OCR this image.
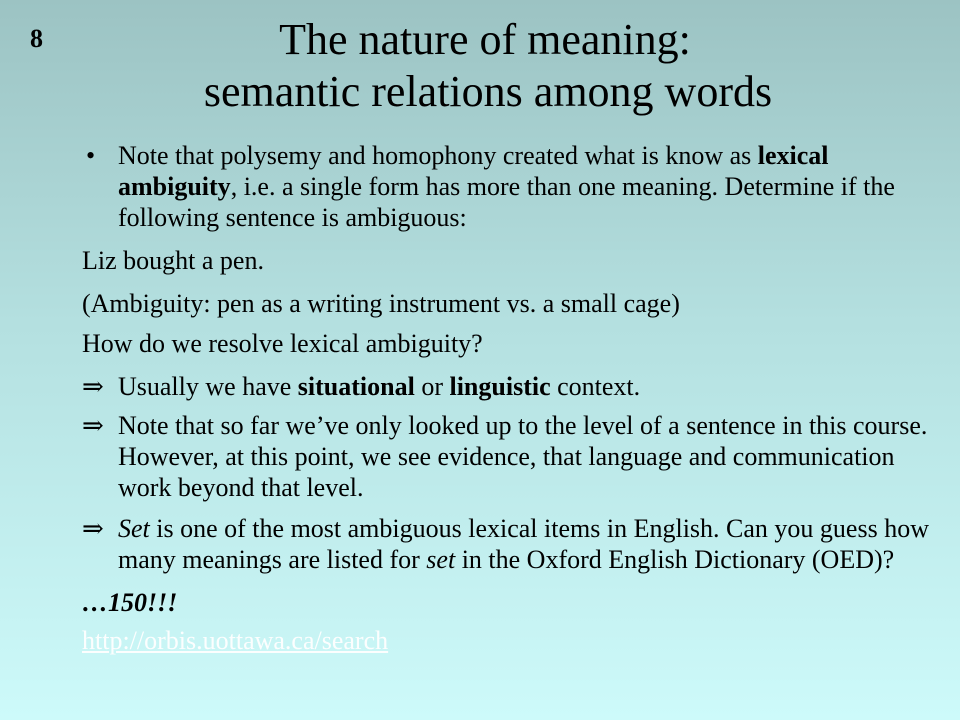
8	The nature of meaning:
semantic relations among words
• Note that polysemy and homophony created what is know as lexical ambiguity, i.e. a single form has more than one meaning. Determine if the following sentence is ambiguous:
Liz bought a pen.
(Ambiguity: pen as a writing instrument vs. a small cage)
How do we resolve lexical ambiguity?
⇒ Usually we have situational or linguistic context.
⇒ Note that so far we’ve only looked up to the level of a sentence in this course. However, at this point, we see evidence, that language and communication work beyond that level.
⇒ Set is one of the most ambiguous lexical items in English. Can you guess how many meanings are listed for set in the Oxford English Dictionary (OED)?
…150!!!
http://orbis.uottawa.ca/search
